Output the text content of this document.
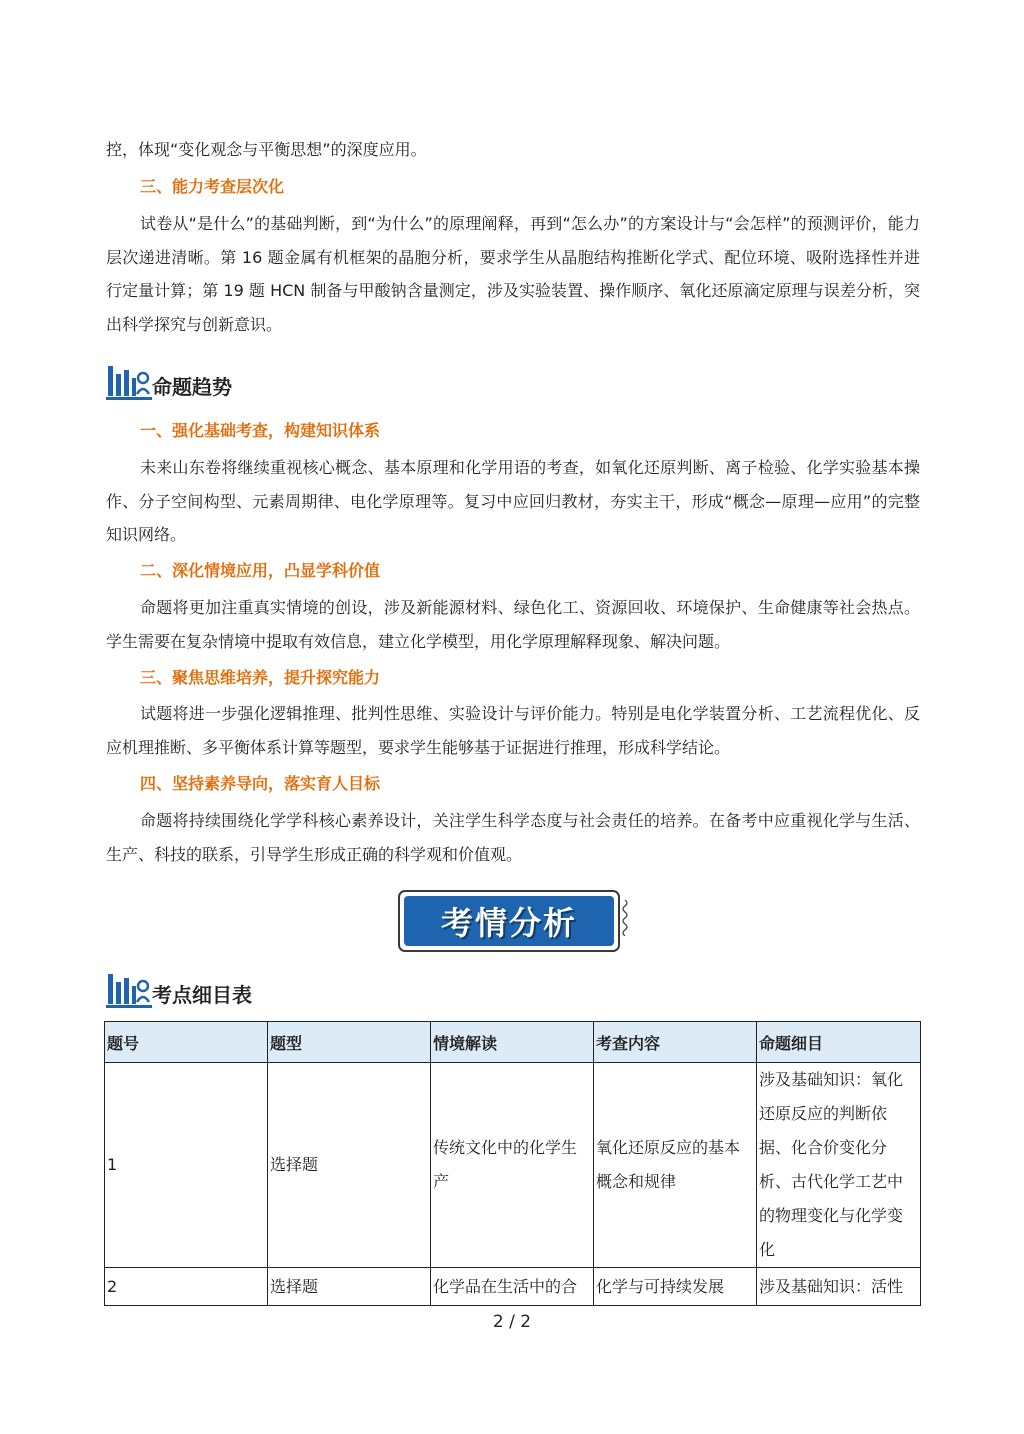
控，体现“变化观念与平衡思想”的深度应用。

三、能力考查层次化

试卷从“是什么”的基础判断，到“为什么”的原理阐释，再到“怎么办”的方案设计与“会怎样”的预测评价，能力层次递进清晰。第 16 题金属有机框架的晶胞分析，要求学生从晶胞结构推断化学式、配位环境、吸附选择性并进行定量计算；第 19 题 HCN 制备与甲酸钠含量测定，涉及实验装置、操作顺序、氧化还原滴定原理与误差分析，突出科学探究与创新意识。

命题趋势

一、强化基础考查，构建知识体系

未来山东卷将继续重视核心概念、基本原理和化学用语的考查，如氧化还原判断、离子检验、化学实验基本操作、分子空间构型、元素周期律、电化学原理等。复习中应回归教材，夯实主干，形成“概念—原理—应用”的完整知识网络。

二、深化情境应用，凸显学科价值

命题将更加注重真实情境的创设，涉及新能源材料、绿色化工、资源回收、环境保护、生命健康等社会热点。学生需要在复杂情境中提取有效信息，建立化学模型，用化学原理解释现象、解决问题。

三、聚焦思维培养，提升探究能力

试题将进一步强化逻辑推理、批判性思维、实验设计与评价能力。特别是电化学装置分析、工艺流程优化、反应机理推断、多平衡体系计算等题型，要求学生能够基于证据进行推理，形成科学结论。

四、坚持素养导向，落实育人目标

命题将持续围绕化学学科核心素养设计，关注学生科学态度与社会责任的培养。在备考中应重视化学与生活、生产、科技的联系，引导学生形成正确的科学观和价值观。

考情分析
考点细目表
题号	题型	情境解读	考查内容	命题细目
1	选择题	传统文化中的化学生产	氧化还原反应的基本概念和规律	涉及基础知识：氧化还原反应的判断依据、化合价变化分析、古代化学工艺中的物理变化与化学变化
2	选择题	化学品在生活中的合	化学与可持续发展	涉及基础知识：活性
2 / 2
